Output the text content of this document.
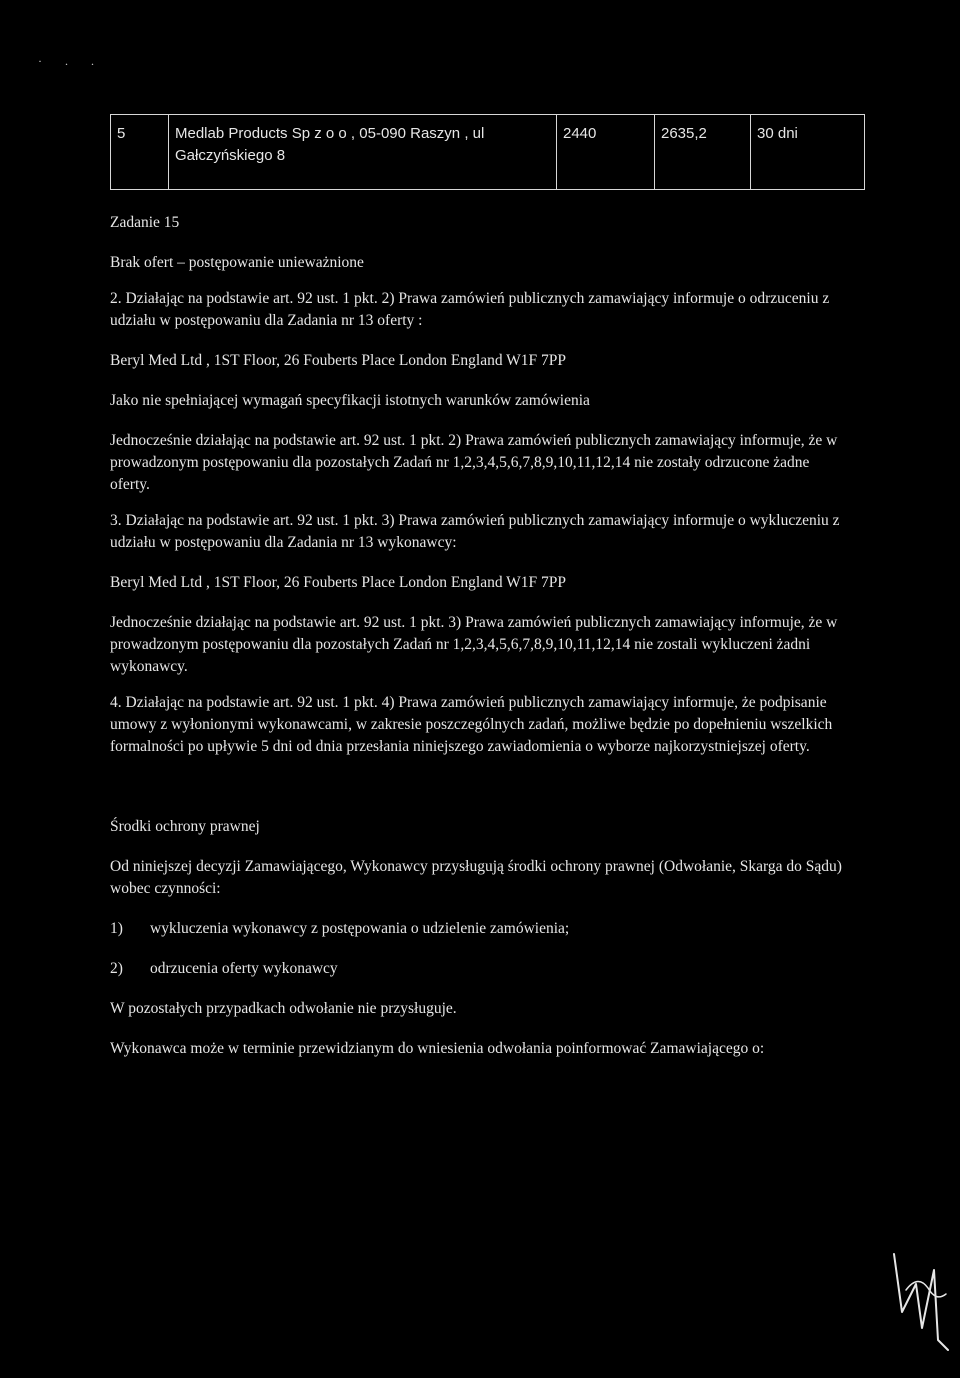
· . .
5	Medlab Products Sp z o o , 05-090 Raszyn , ul Gałczyńskiego 8	2440	2635,2	30 dni

Zadanie 15

Brak ofert – postępowanie unieważnione

2. Działając na podstawie art. 92 ust. 1 pkt. 2) Prawa zamówień publicznych zamawiający informuje o odrzuceniu z udziału w postępowaniu dla Zadania nr 13 oferty :

Beryl Med Ltd , 1ST Floor, 26 Fouberts Place London England W1F 7PP

Jako nie spełniającej wymagań specyfikacji istotnych warunków zamówienia

Jednocześnie działając na podstawie art. 92 ust. 1 pkt. 2) Prawa zamówień publicznych zamawiający informuje, że w prowadzonym postępowaniu dla pozostałych Zadań nr 1,2,3,4,5,6,7,8,9,10,11,12,14 nie zostały odrzucone żadne oferty.

3. Działając na podstawie art. 92 ust. 1 pkt. 3) Prawa zamówień publicznych zamawiający informuje o wykluczeniu z udziału w postępowaniu dla Zadania nr 13 wykonawcy:

Beryl Med Ltd , 1ST Floor, 26 Fouberts Place London England W1F 7PP

Jednocześnie działając na podstawie art. 92 ust. 1 pkt. 3) Prawa zamówień publicznych zamawiający informuje, że w prowadzonym postępowaniu dla pozostałych Zadań nr 1,2,3,4,5,6,7,8,9,10,11,12,14 nie zostali wykluczeni żadni wykonawcy.

4. Działając na podstawie art. 92 ust. 1 pkt. 4) Prawa zamówień publicznych zamawiający informuje, że podpisanie umowy z wyłonionymi wykonawcami, w zakresie poszczególnych zadań, możliwe będzie po dopełnieniu wszelkich formalności po upływie 5 dni od dnia przesłania niniejszego zawiadomienia o wyborze najkorzystniejszej oferty.

Środki ochrony prawnej

Od niniejszej decyzji Zamawiającego, Wykonawcy przysługują środki ochrony prawnej (Odwołanie, Skarga do Sądu) wobec czynności:

1)	wykluczenia wykonawcy z postępowania o udzielenie zamówienia;
2)	odrzucenia oferty wykonawcy

W pozostałych przypadkach odwołanie nie przysługuje.

Wykonawca może w terminie przewidzianym do wniesienia odwołania poinformować Zamawiającego o:
